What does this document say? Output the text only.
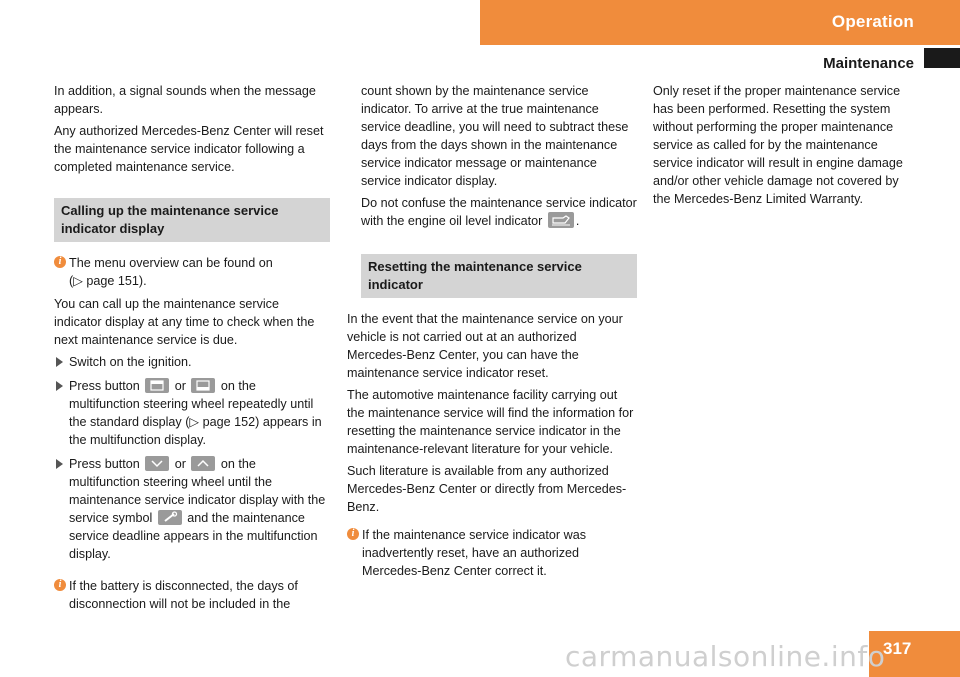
Operation
Maintenance

In addition, a signal sounds when the message appears.

Any authorized Mercedes-Benz Center will reset the maintenance service indicator following a completed maintenance service.

Calling up the maintenance service indicator display
i The menu overview can be found on
(▷ page 151).

You can call up the maintenance service indicator display at any time to check when the next maintenance service is due.

Switch on the ignition.
Press button	or	on the multifunction steering wheel repeatedly until the standard display (▷ page 152) appears in the multifunction display.
Press button	or	on the multifunction steering wheel until the maintenance service indicator display with the service symbol	and the maintenance service deadline appears in the multifunction display.
i If the battery is disconnected, the days of disconnection will not be included in the

count shown by the maintenance service indicator. To arrive at the true maintenance service deadline, you will need to subtract these days from the days shown in the maintenance service indicator message or maintenance service indicator display.

Do not confuse the maintenance service indicator with the engine oil level indicator	.

Resetting the maintenance service indicator

In the event that the maintenance service on your vehicle is not carried out at an authorized Mercedes-Benz Center, you can have the maintenance service indicator reset.

The automotive maintenance facility carrying out the maintenance service will find the information for resetting the maintenance service indicator in the maintenance-relevant literature for your vehicle.

Such literature is available from any authorized Mercedes-Benz Center or directly from Mercedes-Benz.

i If the maintenance service indicator was inadvertently reset, have an authorized Mercedes-Benz Center correct it.

Only reset if the proper maintenance service has been performed. Resetting the system without performing the proper maintenance service as called for by the maintenance service indicator will result in engine damage and/or other vehicle damage not covered by the Mercedes-Benz Limited Warranty.

317
carmanualsonline.info
